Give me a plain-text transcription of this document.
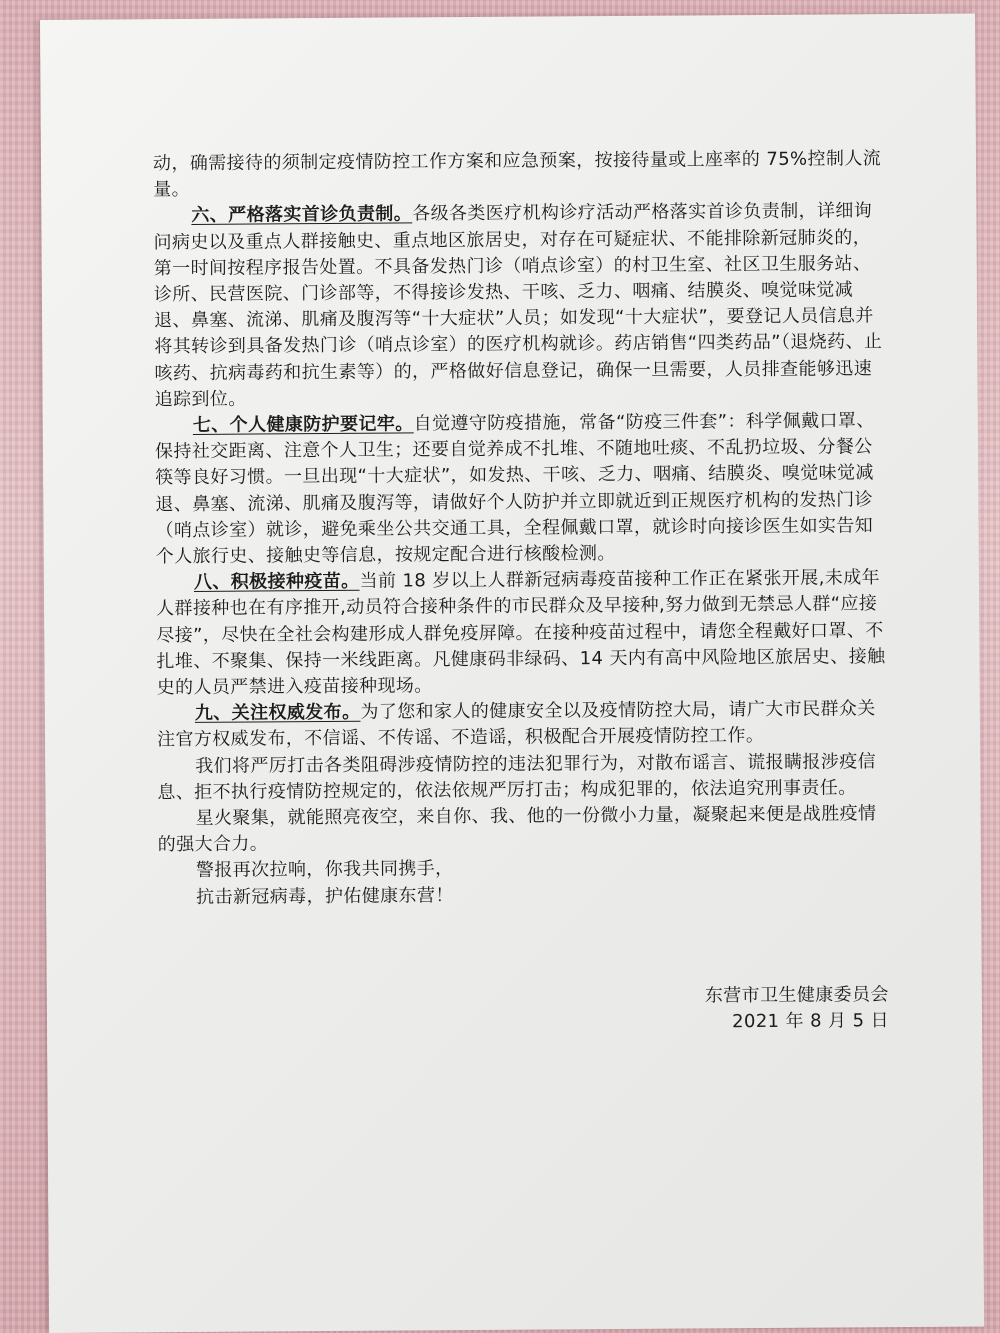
动，确需接待的须制定疫情防控工作方案和应急预案，按接待量或上座率的 75%控制人流量。

六、严格落实首诊负责制。各级各类医疗机构诊疗活动严格落实首诊负责制，详细询问病史以及重点人群接触史、重点地区旅居史，对存在可疑症状、不能排除新冠肺炎的，第一时间按程序报告处置。不具备发热门诊（哨点诊室）的村卫生室、社区卫生服务站、诊所、民营医院、门诊部等，不得接诊发热、干咳、乏力、咽痛、结膜炎、嗅觉味觉减退、鼻塞、流涕、肌痛及腹泻等“十大症状”人员；如发现“十大症状”，要登记人员信息并将其转诊到具备发热门诊（哨点诊室）的医疗机构就诊。药店销售“四类药品”（退烧药、止咳药、抗病毒药和抗生素等）的，严格做好信息登记，确保一旦需要，人员排查能够迅速追踪到位。

七、个人健康防护要记牢。自觉遵守防疫措施，常备“防疫三件套”：科学佩戴口罩、保持社交距离、注意个人卫生；还要自觉养成不扎堆、不随地吐痰、不乱扔垃圾、分餐公筷等良好习惯。一旦出现“十大症状”，如发热、干咳、乏力、咽痛、结膜炎、嗅觉味觉减退、鼻塞、流涕、肌痛及腹泻等，请做好个人防护并立即就近到正规医疗机构的发热门诊（哨点诊室）就诊，避免乘坐公共交通工具，全程佩戴口罩，就诊时向接诊医生如实告知个人旅行史、接触史等信息，按规定配合进行核酸检测。

八、积极接种疫苗。当前 18 岁以上人群新冠病毒疫苗接种工作正在紧张开展,未成年人群接种也在有序推开,动员符合接种条件的市民群众及早接种,努力做到无禁忌人群“应接尽接”，尽快在全社会构建形成人群免疫屏障。在接种疫苗过程中，请您全程戴好口罩、不扎堆、不聚集、保持一米线距离。凡健康码非绿码、14 天内有高中风险地区旅居史、接触史的人员严禁进入疫苗接种现场。

九、关注权威发布。为了您和家人的健康安全以及疫情防控大局，请广大市民群众关注官方权威发布，不信谣、不传谣、不造谣，积极配合开展疫情防控工作。

我们将严厉打击各类阻碍涉疫情防控的违法犯罪行为，对散布谣言、谎报瞒报涉疫信息、拒不执行疫情防控规定的，依法依规严厉打击；构成犯罪的，依法追究刑事责任。

星火聚集，就能照亮夜空，来自你、我、他的一份微小力量，凝聚起来便是战胜疫情的强大合力。

警报再次拉响，你我共同携手，

抗击新冠病毒，护佑健康东营！

东营市卫生健康委员会
2021 年 8 月 5 日
